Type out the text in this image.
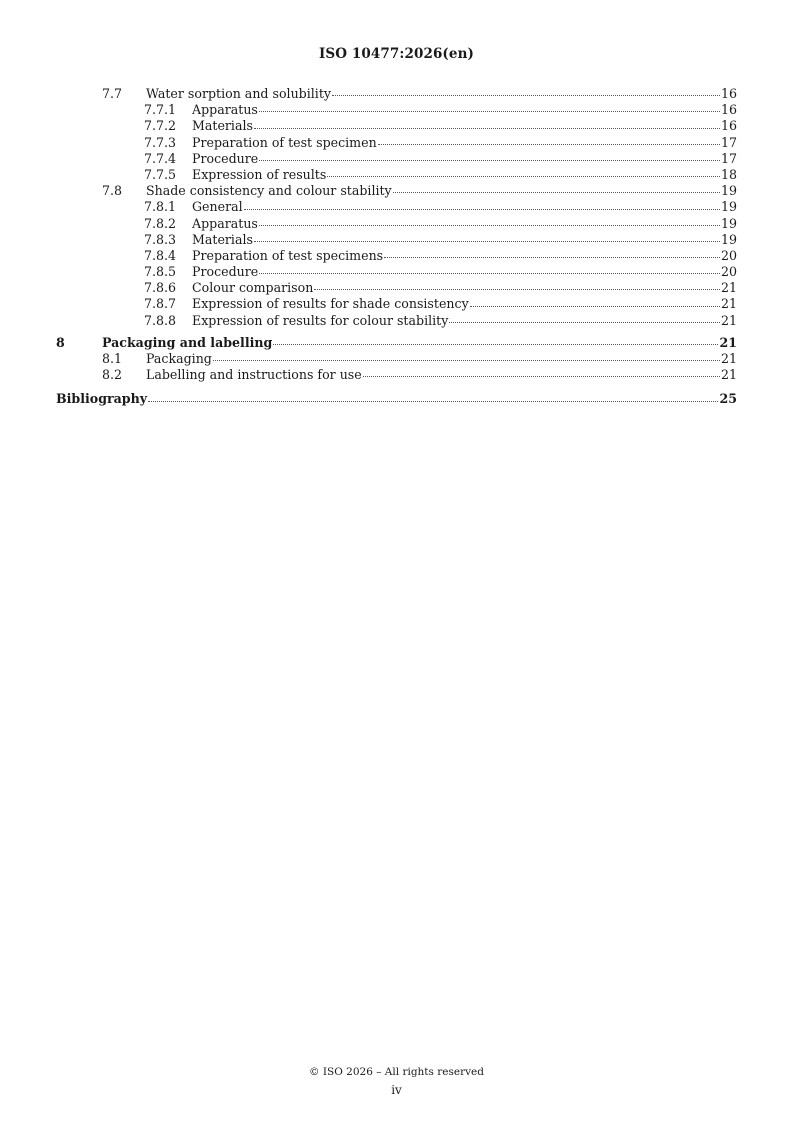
ISO 10477:2026(en)
7.7	Water sorption and solubility	16
7.7.1	Apparatus	16
7.7.2	Materials	16
7.7.3	Preparation of test specimen	17
7.7.4	Procedure	17
7.7.5	Expression of results	18
7.8	Shade consistency and colour stability	19
7.8.1	General	19
7.8.2	Apparatus	19
7.8.3	Materials	19
7.8.4	Preparation of test specimens	20
7.8.5	Procedure	20
7.8.6	Colour comparison	21
7.8.7	Expression of results for shade consistency	21
7.8.8	Expression of results for colour stability	21
8	Packaging and labelling	21
8.1	Packaging	21
8.2	Labelling and instructions for use	21
Bibliography	25
© ISO 2026 – All rights reserved
iv
